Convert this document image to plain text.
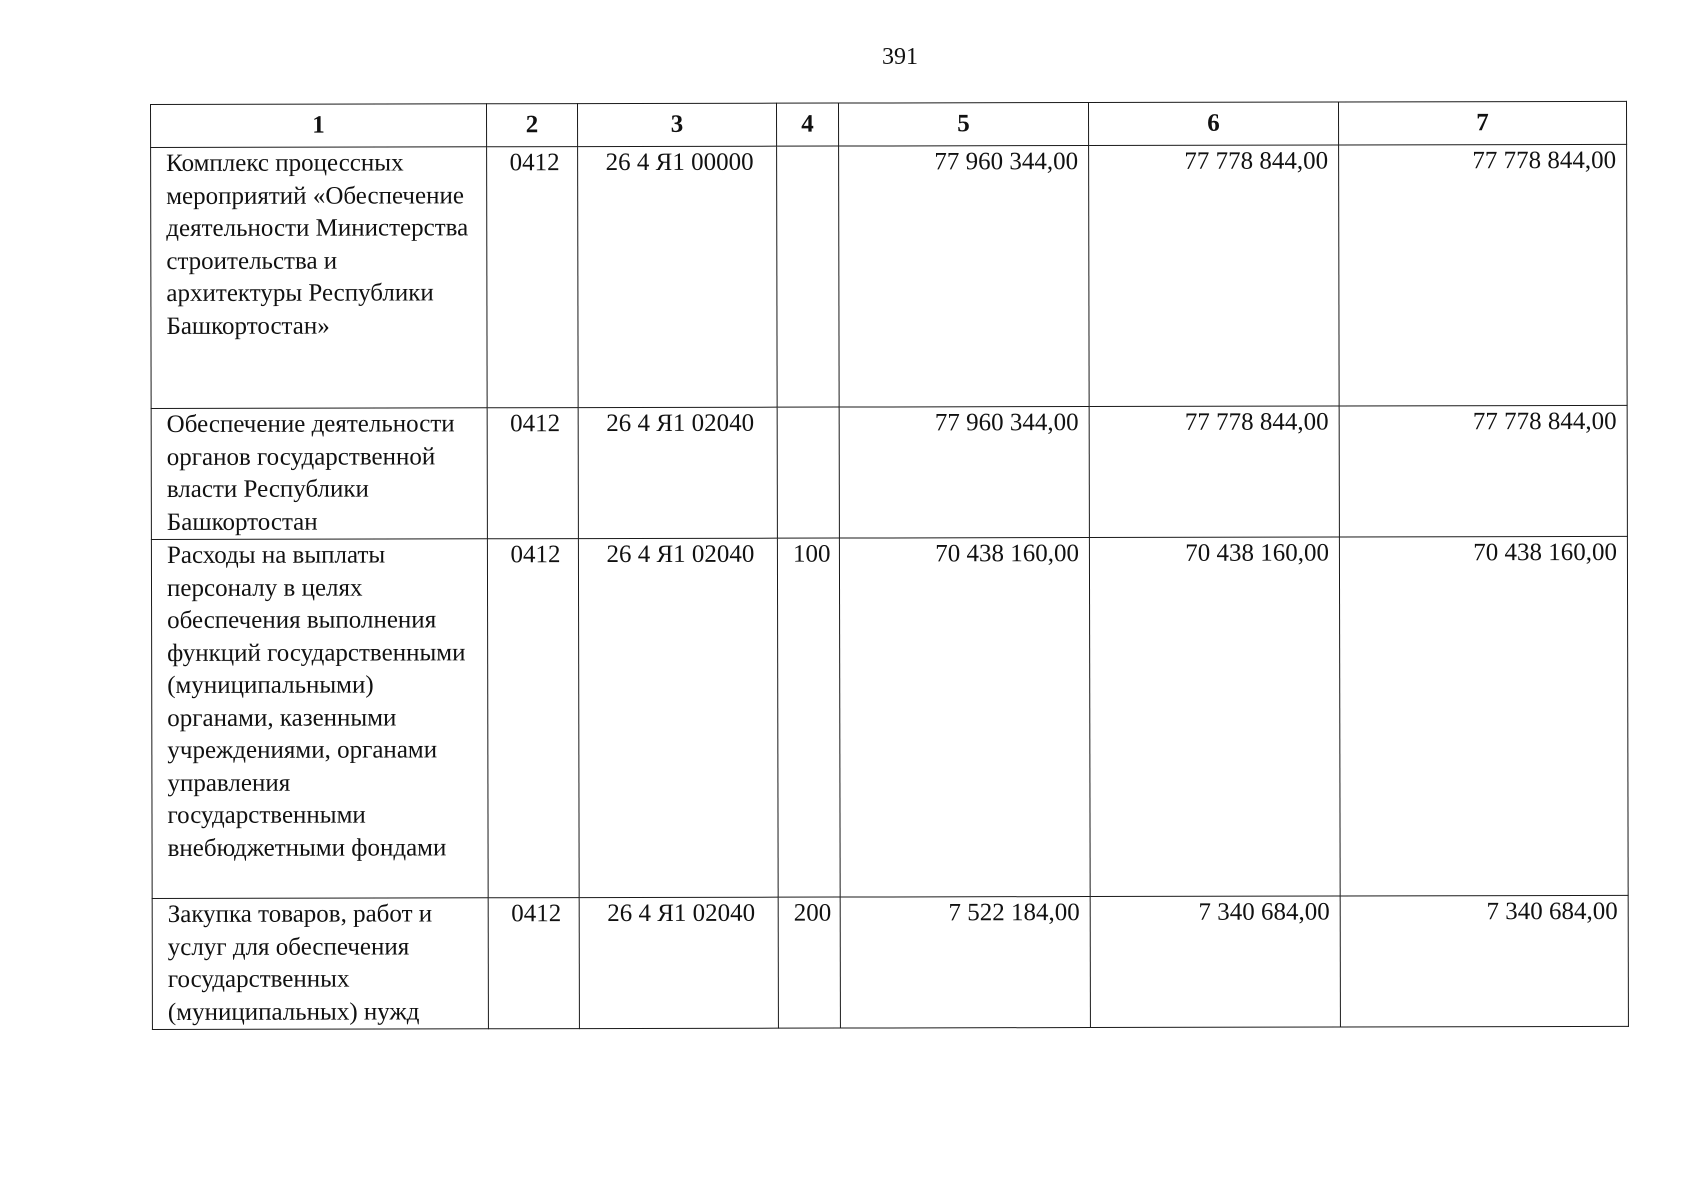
391
1	2	3	4	5	6	7
Комплекс процессных мероприятий «Обеспечение деятельности Министерства строительства и архитектуры Республики Башкортостан»	0412	26 4 Я1 00000		77 960 344,00	77 778 844,00	77 778 844,00
Обеспечение деятельности органов государственной власти Республики Башкортостан	0412	26 4 Я1 02040		77 960 344,00	77 778 844,00	77 778 844,00
Расходы на выплаты персоналу в целях обеспечения выполнения функций государственными (муниципальными) органами, казенными учреждениями, органами управления государственными внебюджетными фондами	0412	26 4 Я1 02040	100	70 438 160,00	70 438 160,00	70 438 160,00
Закупка товаров, работ и услуг для обеспечения государственных (муниципальных) нужд	0412	26 4 Я1 02040	200	7 522 184,00	7 340 684,00	7 340 684,00
